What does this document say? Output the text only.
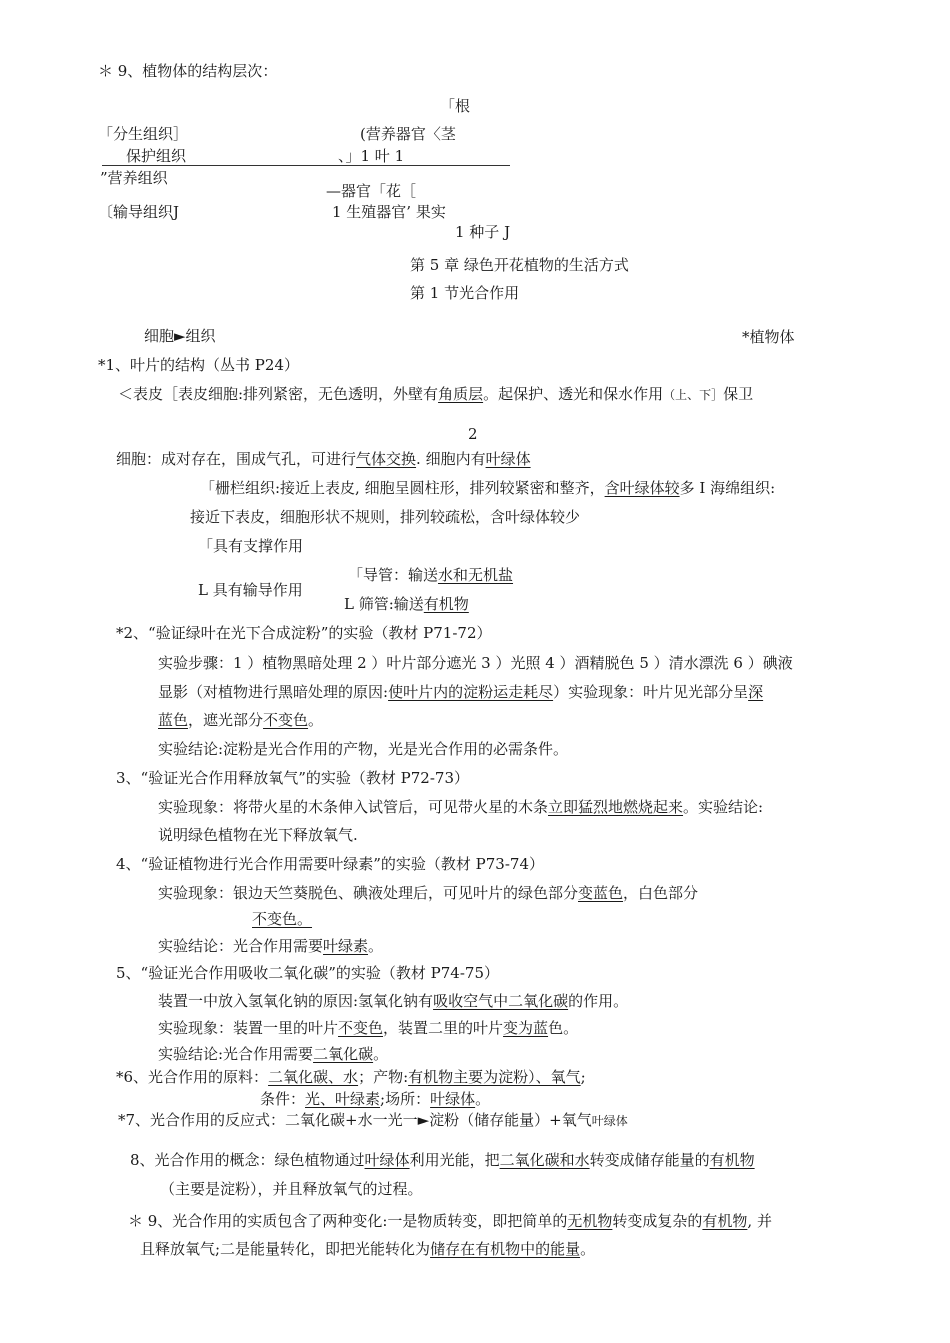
＊ 9、植物体的结构层次：
「根
「分生组织］	(营养器官〈茎
保护组织	、」1 叶 1
”营养组织
—器官「花［
〔输导组织J	1 生殖器官’ 果实
1 种子 J
第 5 章 绿色开花植物的生活方式
第 1 节光合作用
细胞►组织	*植物体
*1、叶片的结构（丛书 P24）
＜表皮［表皮细胞:排列紧密，无色透明，外壁有角质层。起保护、透光和保水作用（上、下］保卫
2
细胞：成对存在，围成气孔，可进行气体交换. 细胞内有叶绿体
「栅栏组织:接近上表皮, 细胞呈圆柱形，排列较紧密和整齐，含叶绿体较多 I 海绵组织:
接近下表皮，细胞形状不规则，排列较疏松，含叶绿体较少
「具有支撑作用
「导管：输送水和无机盐
L 具有输导作用
L 筛管:输送有机物
*2、“验证绿叶在光下合成淀粉”的实验（教材 P71-72）
实验步骤：1 ）植物黑暗处理 2 ）叶片部分遮光 3 ）光照 4 ）酒精脱色 5 ）清水漂洗 6 ）碘液
显影（对植物进行黑暗处理的原因:使叶片内的淀粉运走耗尽）实验现象：叶片见光部分呈深
蓝色，遮光部分不变色。
实验结论:淀粉是光合作用的产物，光是光合作用的必需条件。
3、“验证光合作用释放氧气”的实验（教材 P72-73）
实验现象：将带火星的木条伸入试管后，可见带火星的木条立即猛烈地燃烧起来。实验结论:
说明绿色植物在光下释放氧气.
4、“验证植物进行光合作用需要叶绿素”的实验（教材 P73-74）
实验现象：银边天竺葵脱色、碘液处理后，可见叶片的绿色部分变蓝色，白色部分
不变色。
实验结论：光合作用需要叶绿素。
5、“验证光合作用吸收二氧化碳”的实验（教材 P74-75）
装置一中放入氢氧化钠的原因:氢氧化钠有吸收空气中二氧化碳的作用。
实验现象：装置一里的叶片不变色，装置二里的叶片变为蓝色。
实验结论:光合作用需要二氧化碳。
*6、光合作用的原料：二氧化碳、水；产物:有机物主要为淀粉）、氧气;
条件：光、叶绿素;场所：叶绿体。
*7、光合作用的反应式：二氧化碳+水一光一►淀粉（储存能量）+氧气叶绿体
8、光合作用的概念：绿色植物通过叶绿体利用光能，把二氧化碳和水转变成储存能量的有机物
（主要是淀粉），并且释放氧气的过程。
＊ 9、光合作用的实质包含了两种变化:一是物质转变，即把简单的无机物转变成复杂的有机物, 并
且释放氧气;二是能量转化，即把光能转化为储存在有机物中的能量。
